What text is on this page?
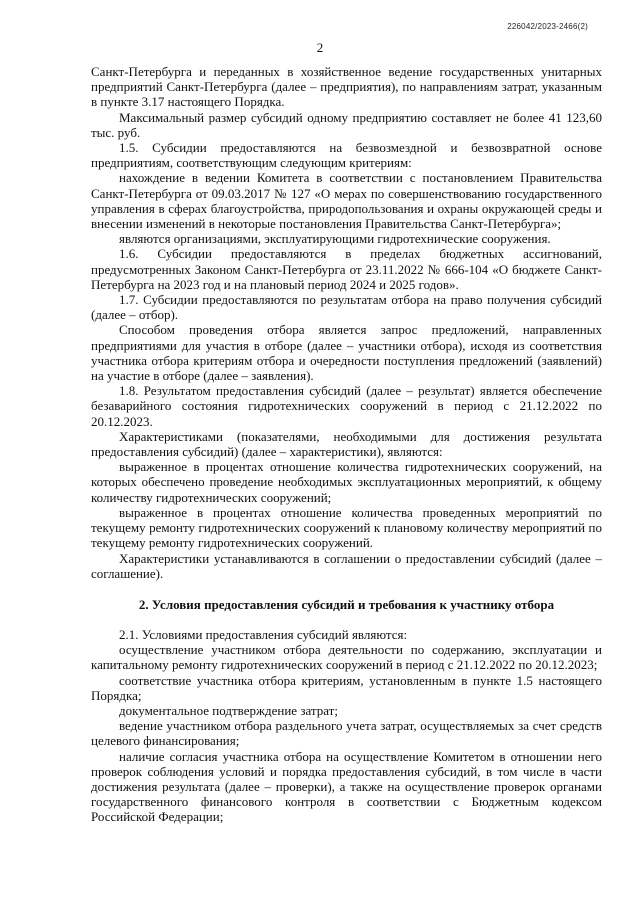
226042/2023-2466(2)
2

Санкт-Петербурга и переданных в хозяйственное ведение государственных унитарных предприятий Санкт-Петербурга (далее – предприятия), по направлениям затрат, указанным в пункте 3.17 настоящего Порядка.

Максимальный размер субсидий одному предприятию составляет не более 41 123,60 тыс. руб.

1.5. Субсидии предоставляются на безвозмездной и безвозвратной основе предприятиям, соответствующим следующим критериям:

нахождение в ведении Комитета в соответствии с постановлением Правительства Санкт-Петербурга от 09.03.2017 № 127 «О мерах по совершенствованию государственного управления в сферах благоустройства, природопользования и охраны окружающей среды и внесении изменений в некоторые постановления Правительства Санкт-Петербурга»;

являются организациями, эксплуатирующими гидротехнические сооружения.

1.6. Субсидии предоставляются в пределах бюджетных ассигнований, предусмотренных Законом Санкт-Петербурга от 23.11.2022 № 666-104 «О бюджете Санкт-Петербурга на 2023 год и на плановый период 2024 и 2025 годов».

1.7. Субсидии предоставляются по результатам отбора на право получения субсидий (далее – отбор).

Способом проведения отбора является запрос предложений, направленных предприятиями для участия в отборе (далее – участники отбора), исходя из соответствия участника отбора критериям отбора и очередности поступления предложений (заявлений) на участие в отборе (далее – заявления).

1.8. Результатом предоставления субсидий (далее – результат) является обеспечение безаварийного состояния гидротехнических сооружений в период с 21.12.2022 по 20.12.2023.

Характеристиками (показателями, необходимыми для достижения результата предоставления субсидий) (далее – характеристики), являются:

выраженное в процентах отношение количества гидротехнических сооружений, на которых обеспечено проведение необходимых эксплуатационных мероприятий, к общему количеству гидротехнических сооружений;

выраженное в процентах отношение количества проведенных мероприятий по текущему ремонту гидротехнических сооружений к плановому количеству мероприятий по текущему ремонту гидротехнических сооружений.

Характеристики устанавливаются в соглашении о предоставлении субсидий (далее – соглашение).

2. Условия предоставления субсидий и требования к участнику отбора

2.1. Условиями предоставления субсидий являются:

осуществление участником отбора деятельности по содержанию, эксплуатации и капитальному ремонту гидротехнических сооружений в период с 21.12.2022 по 20.12.2023;

соответствие участника отбора критериям, установленным в пункте 1.5 настоящего Порядка;

документальное подтверждение затрат;

ведение участником отбора раздельного учета затрат, осуществляемых за счет средств целевого финансирования;

наличие согласия участника отбора на осуществление Комитетом в отношении него проверок соблюдения условий и порядка предоставления субсидий, в том числе в части достижения результата (далее – проверки), а также на осуществление проверок органами государственного финансового контроля в соответствии с Бюджетным кодексом Российской Федерации;
